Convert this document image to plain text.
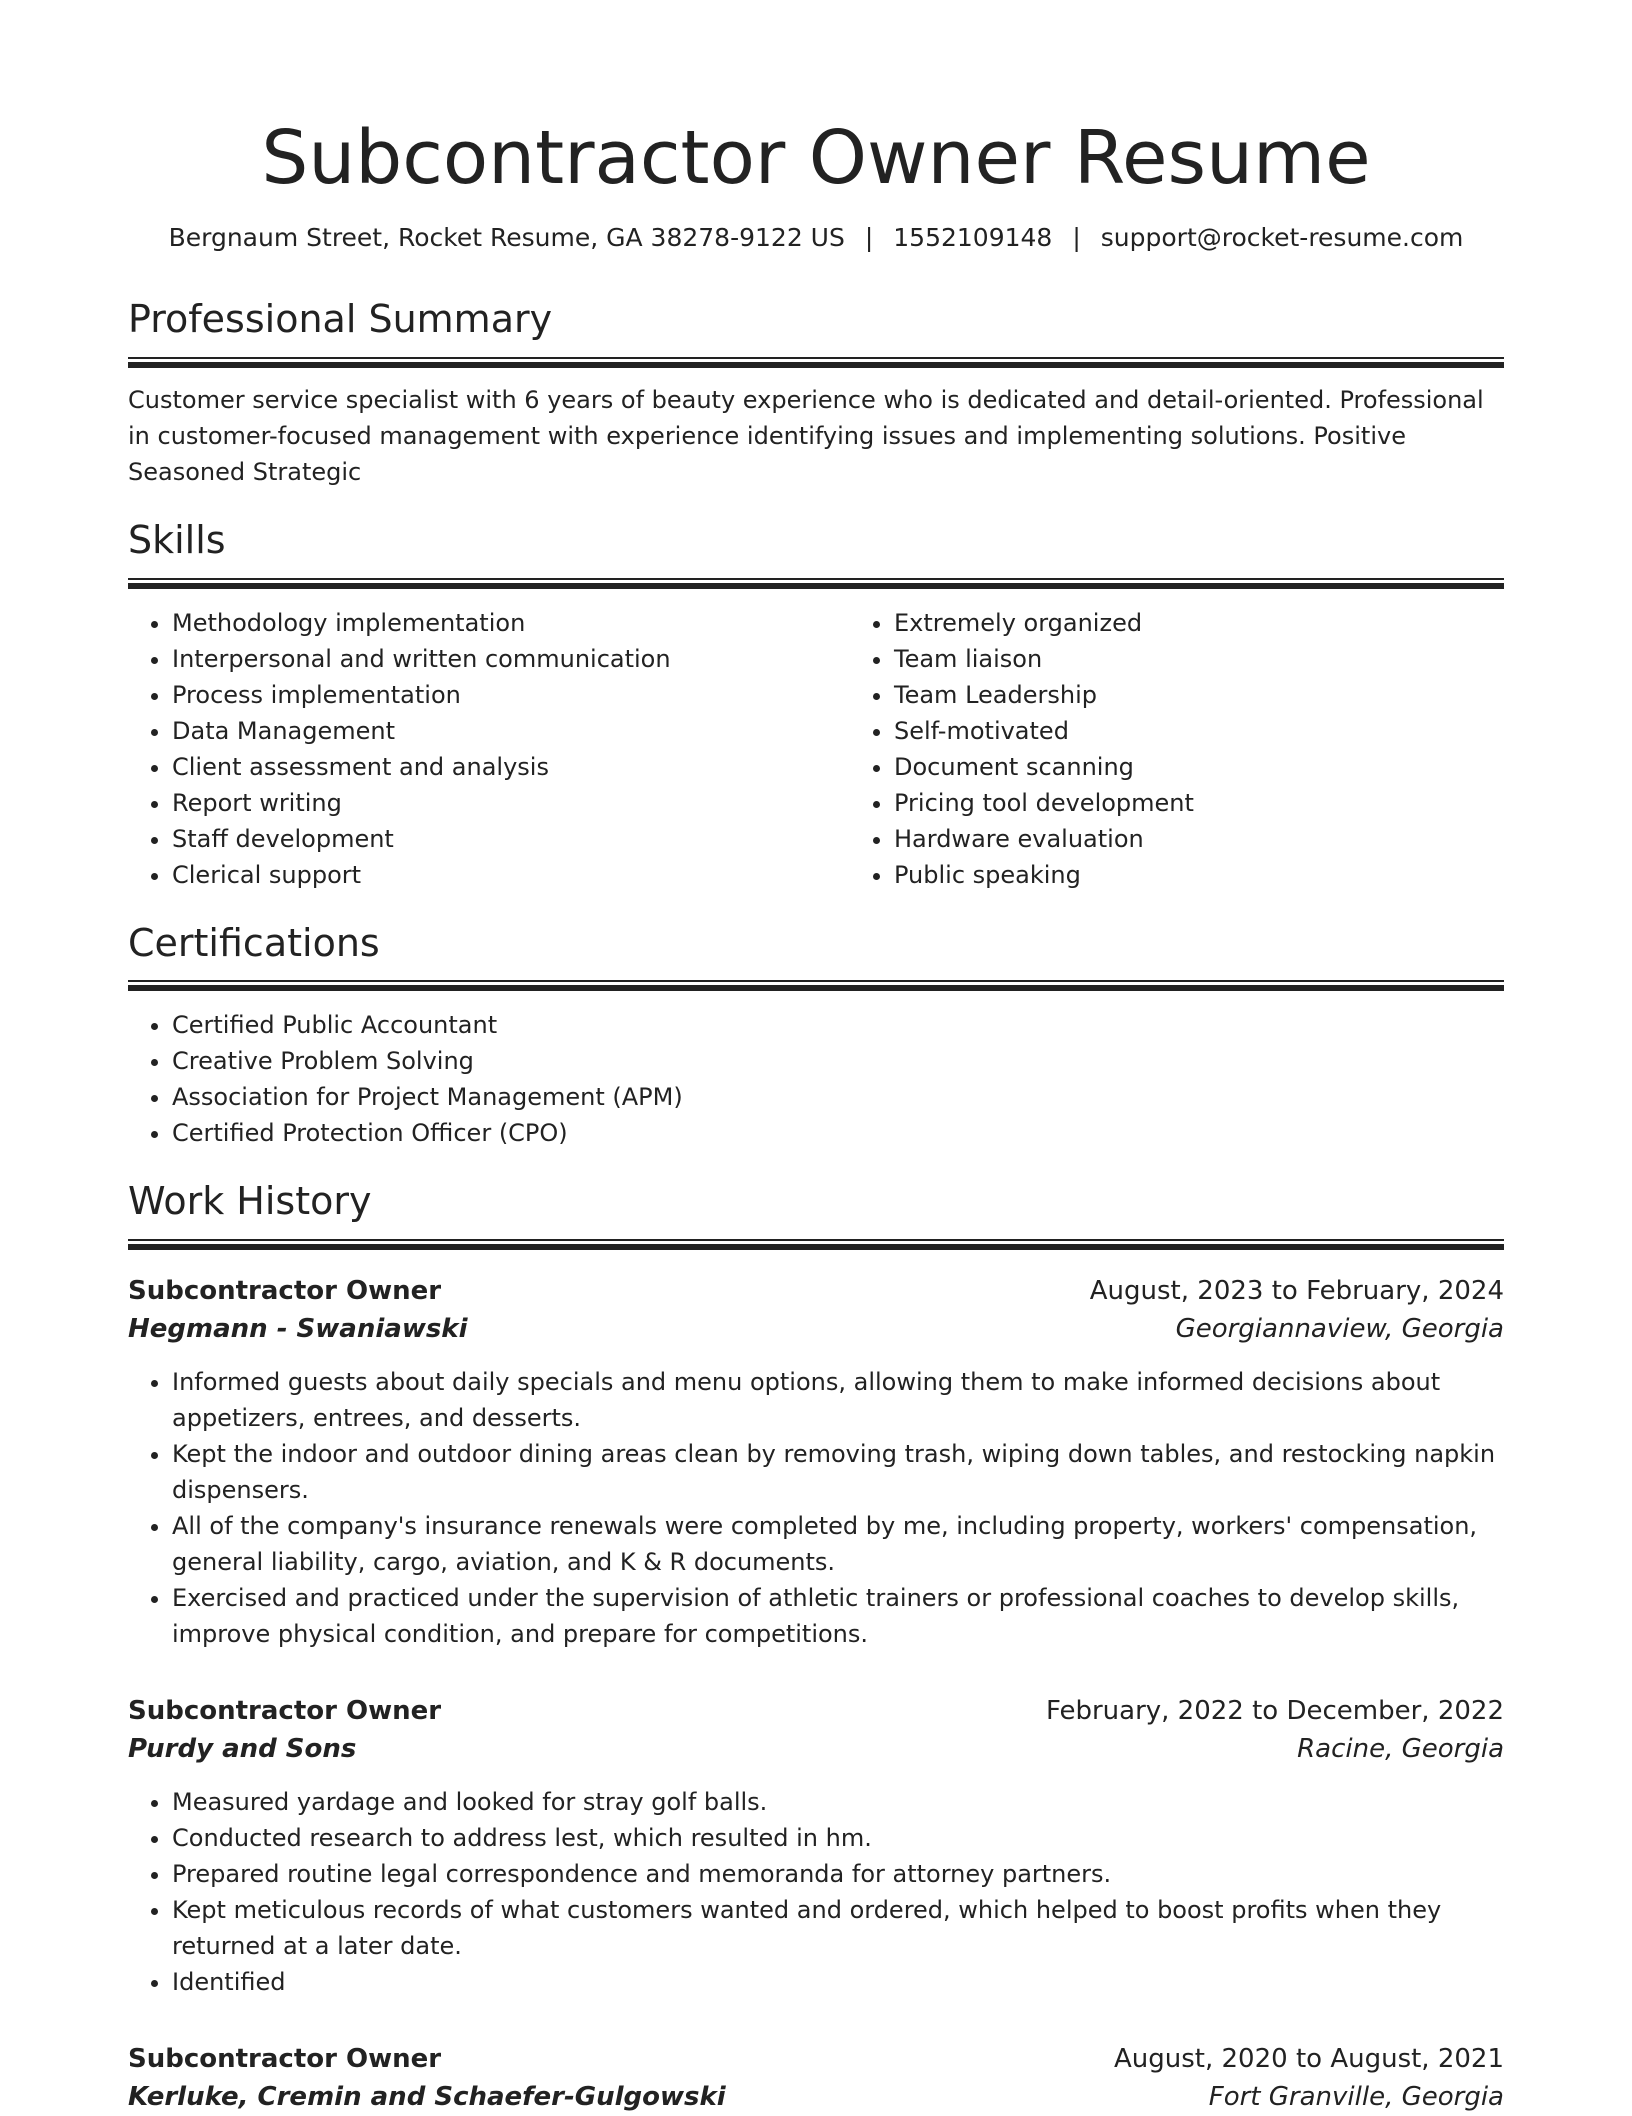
Subcontractor Owner Resume
Bergnaum Street, Rocket Resume, GA 38278-9122 US | 1552109148 | support@rocket-resume.com
Professional Summary

Customer service specialist with 6 years of beauty experience who is dedicated and detail-oriented. Professional in customer-focused management with experience identifying issues and implementing solutions. Positive Seasoned Strategic

Skills
• Methodology implementation
• Interpersonal and written communication
• Process implementation
• Data Management
• Client assessment and analysis
• Report writing
• Staff development
• Clerical support
• Extremely organized
• Team liaison
• Team Leadership
• Self-motivated
• Document scanning
• Pricing tool development
• Hardware evaluation
• Public speaking
Certifications
• Certified Public Accountant
• Creative Problem Solving
• Association for Project Management (APM)
• Certified Protection Officer (CPO)
Work History
Subcontractor Owner	August, 2023 to February, 2024
Hegmann - Swaniawski	Georgiannaview, Georgia
• Informed guests about daily specials and menu options, allowing them to make informed decisions about appetizers, entrees, and desserts.
• Kept the indoor and outdoor dining areas clean by removing trash, wiping down tables, and restocking napkin dispensers.
• All of the company's insurance renewals were completed by me, including property, workers' compensation, general liability, cargo, aviation, and K & R documents.
• Exercised and practiced under the supervision of athletic trainers or professional coaches to develop skills, improve physical condition, and prepare for competitions.
Subcontractor Owner	February, 2022 to December, 2022
Purdy and Sons	Racine, Georgia
• Measured yardage and looked for stray golf balls.
• Conducted research to address lest, which resulted in hm.
• Prepared routine legal correspondence and memoranda for attorney partners.
• Kept meticulous records of what customers wanted and ordered, which helped to boost profits when they returned at a later date.
• Identified
Subcontractor Owner	August, 2020 to August, 2021
Kerluke, Cremin and Schaefer-Gulgowski	Fort Granville, Georgia
